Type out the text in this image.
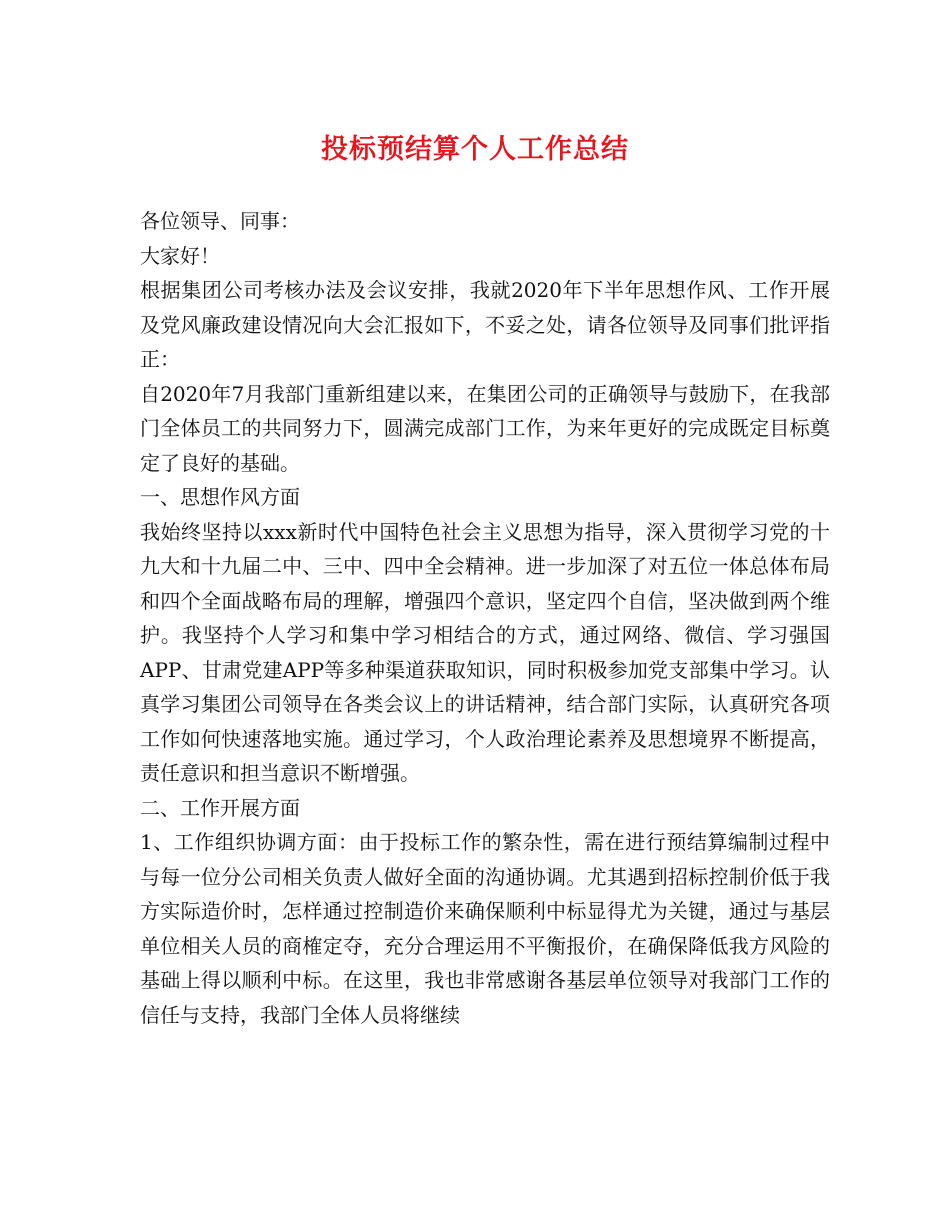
投标预结算个人工作总结

各位领导、同事：

大家好！

根据集团公司考核办法及会议安排，我就2020年下半年思想作风、工作开展及党风廉政建设情况向大会汇报如下，不妥之处，请各位领导及同事们批评指正：

自2020年7月我部门重新组建以来，在集团公司的正确领导与鼓励下，在我部门全体员工的共同努力下，圆满完成部门工作，为来年更好的完成既定目标奠定了良好的基础。

一、思想作风方面

我始终坚持以xxx新时代中国特色社会主义思想为指导，深入贯彻学习党的十九大和十九届二中、三中、四中全会精神。进一步加深了对五位一体总体布局和四个全面战略布局的理解，增强四个意识，坚定四个自信，坚决做到两个维护。我坚持个人学习和集中学习相结合的方式，通过网络、微信、学习强国APP、甘肃党建APP等多种渠道获取知识，同时积极参加党支部集中学习。认真学习集团公司领导在各类会议上的讲话精神，结合部门实际，认真研究各项工作如何快速落地实施。通过学习，个人政治理论素养及思想境界不断提高，责任意识和担当意识不断增强。

二、工作开展方面

1、工作组织协调方面：由于投标工作的繁杂性，需在进行预结算编制过程中与每一位分公司相关负责人做好全面的沟通协调。尤其遇到招标控制价低于我方实际造价时，怎样通过控制造价来确保顺利中标显得尤为关键，通过与基层单位相关人员的商榷定夺，充分合理运用不平衡报价，在确保降低我方风险的基础上得以顺利中标。在这里，我也非常感谢各基层单位领导对我部门工作的信任与支持，我部门全体人员将继续
